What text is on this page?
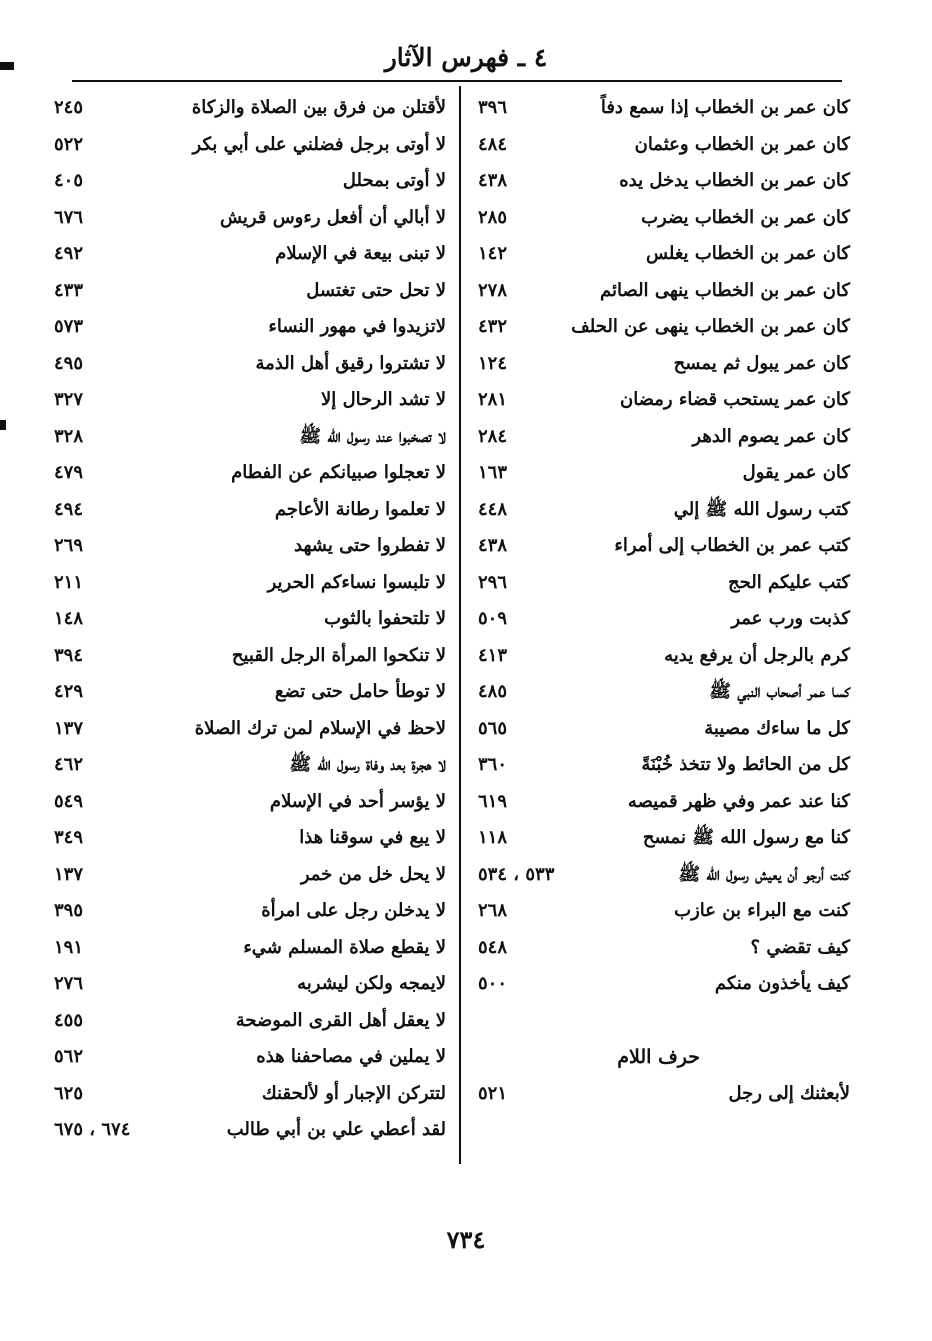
٤ ـ فهرس الآثار
كان عمر بن الخطاب إذا سمع دفاً
٣٩٦
كان عمر بن الخطاب وعثمان
٤٨٤
كان عمر بن الخطاب يدخل يده
٤٣٨
كان عمر بن الخطاب يضرب
٢٨٥
كان عمر بن الخطاب يغلس
١٤٢
كان عمر بن الخطاب ينهى الصائم
٢٧٨
كان عمر بن الخطاب ينهى عن الحلف
٤٣٢
كان عمر يبول ثم يمسح
١٢٤
كان عمر يستحب قضاء رمضان
٢٨١
كان عمر يصوم الدهر
٢٨٤
كان عمر يقول
١٦٣
كتب رسول الله ﷺ إلي
٤٤٨
كتب عمر بن الخطاب إلى أمراء
٤٣٨
كتب عليكم الحج
٢٩٦
كذبت ورب عمر
٥٠٩
كرم بالرجل أن يرفع يديه
٤١٣
كسا عمر أصحاب النبي ﷺ
٤٨٥
كل ما ساءك مصيبة
٥٦٥
كل من الحائط ولا تتخذ خُبْنَةً
٣٦٠
كنا عند عمر وفي ظهر قميصه
٦١٩
كنا مع رسول الله ﷺ نمسح
١١٨
كنت أرجو أن يعيش رسول الله ﷺ
٥٣٣ ، ٥٣٤
كنت مع البراء بن عازب
٢٦٨
كيف تقضي ؟
٥٤٨
كيف يأخذون منكم
٥٠٠
حرف اللام
لأبعثنك إلى رجل
٥٢١
لأقتلن من فرق بين الصلاة والزكاة
٢٤٥
لا أوتى برجل فضلني على أبي بكر
٥٢٢
لا أوتى بمحلل
٤٠٥
لا أبالي أن أفعل رءوس قريش
٦٧٦
لا تبنى بيعة في الإسلام
٤٩٢
لا تحل حتى تغتسل
٤٣٣
لاتزيدوا في مهور النساء
٥٧٣
لا تشتروا رقيق أهل الذمة
٤٩٥
لا تشد الرحال إلا
٣٢٧
لا تصخبوا عند رسول الله ﷺ
٣٢٨
لا تعجلوا صبيانكم عن الفطام
٤٧٩
لا تعلموا رطانة الأعاجم
٤٩٤
لا تفطروا حتى يشهد
٢٦٩
لا تلبسوا نساءكم الحرير
٢١١
لا تلتحفوا بالثوب
١٤٨
لا تنكحوا المرأة الرجل القبيح
٣٩٤
لا توطأ حامل حتى تضع
٤٢٩
لاحظ في الإسلام لمن ترك الصلاة
١٣٧
لا هجرة بعد وفاة رسول الله ﷺ
٤٦٢
لا يؤسر أحد في الإسلام
٥٤٩
لا يبع في سوقنا هذا
٣٤٩
لا يحل خل من خمر
١٣٧
لا يدخلن رجل على امرأة
٣٩٥
لا يقطع صلاة المسلم شيء
١٩١
لايمجه ولكن ليشربه
٢٧٦
لا يعقل أهل القرى الموضحة
٤٥٥
لا يملين في مصاحفنا هذه
٥٦٢
لتتركن الإجبار أو لألحقنك
٦٢٥
لقد أعطي علي بن أبي طالب
٦٧٤ ، ٦٧٥
٧٣٤
